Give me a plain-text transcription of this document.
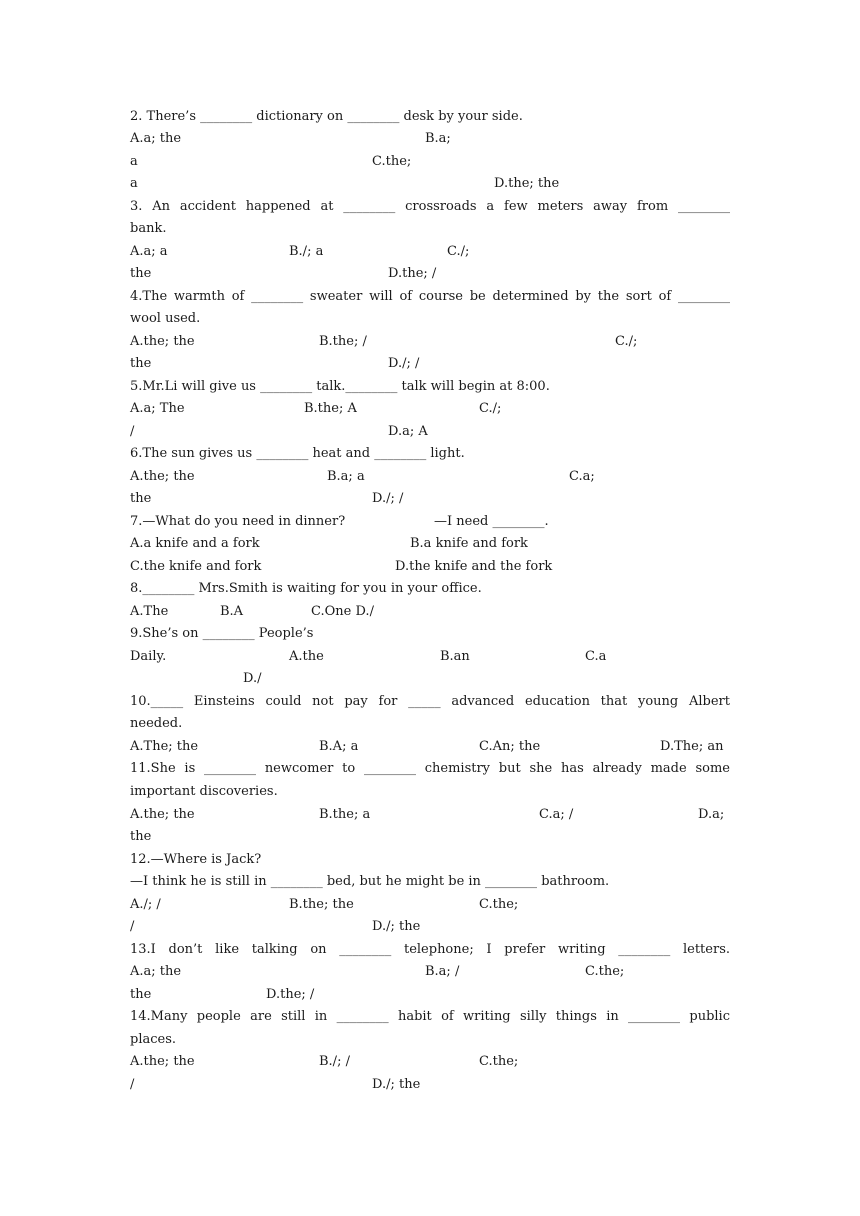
2. There’s ________ dictionary on ________ desk by your side.
A.a; the	B.a;
a	C.the;
a	D.the; the
3. An accident happened at ________ crossroads a few meters away from ________
bank.
A.a; a	B./; a	C./;
the	D.the; /
4.The warmth of ________ sweater will of course be determined by the sort of ________
wool used.
A.the; the	B.the; /	C./;
the	D./; /
5.Mr.Li will give us ________ talk.________ talk will begin at 8:00.
A.a; The	B.the; A	C./;
/	D.a; A
6.The sun gives us ________ heat and ________ light.
A.the; the	B.a; a	C.a;
the	D./; /
7.—What do you need in dinner?	—I need ________.
A.a knife and a fork	B.a knife and fork
C.the knife and fork	D.the knife and the fork
8.________ Mrs.Smith is waiting for you in your office.
A.The	B.A	C.One D./
9.She’s on ________ People’s
Daily.	A.the	B.an	C.a
D./
10._____ Einsteins could not pay for _____ advanced education that young Albert
needed.
A.The; the	B.A; a	C.An; the	D.The; an
11.She is ________ newcomer to ________ chemistry but she has already made some
important discoveries.
A.the; the	B.the; a	C.a; /	D.a;
the
12.—Where is Jack?
—I think he is still in ________ bed, but he might be in ________ bathroom.
A./; /	B.the; the	C.the;
/	D./; the
13.I don’t like talking on ________ telephone; I prefer writing ________ letters.
A.a; the	B.a; /	C.the;
the	D.the; /
14.Many people are still in ________ habit of writing silly things in ________ public
places.
A.the; the	B./; /	C.the;
/	D./; the
